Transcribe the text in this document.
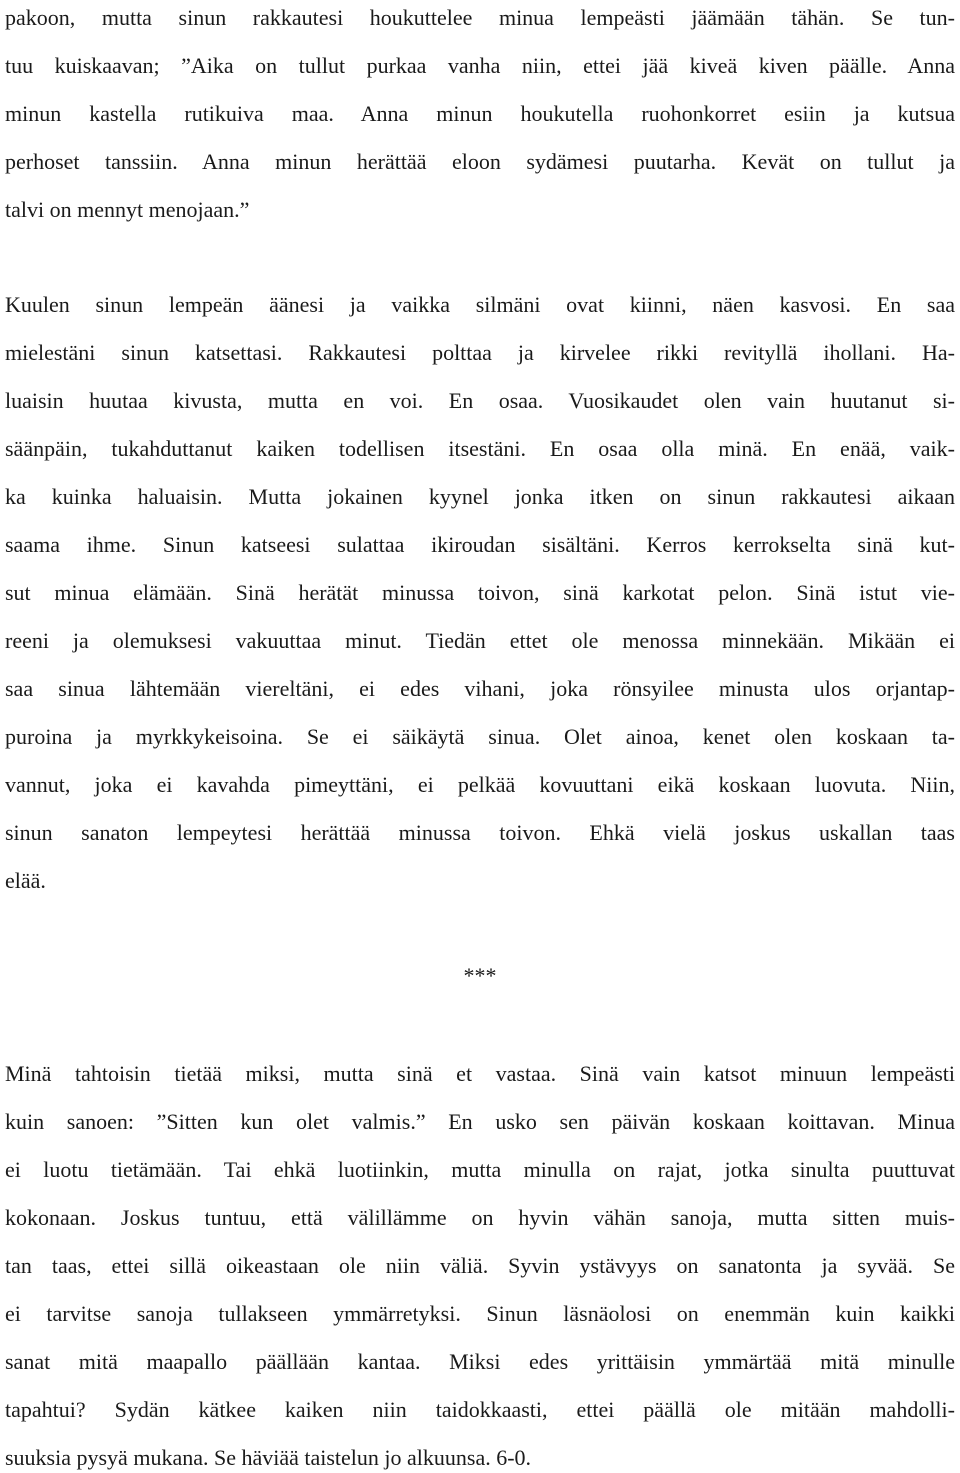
pakoon, mutta sinun rakkautesi houkuttelee minua lempeästi jäämään tähän. Se tun-
tuu kuiskaavan; ”Aika on tullut purkaa vanha niin, ettei jää kiveä kiven päälle. Anna
minun kastella rutikuiva maa. Anna minun houkutella ruohonkorret esiin ja kutsua
perhoset tanssiin. Anna minun herättää eloon sydämesi puutarha. Kevät on tullut ja
talvi on mennyt menojaan.”
Kuulen sinun lempeän äänesi ja vaikka silmäni ovat kiinni, näen kasvosi. En saa
mielestäni sinun katsettasi. Rakkautesi polttaa ja kirvelee rikki revityllä ihollani. Ha-
luaisin huutaa kivusta, mutta en voi. En osaa. Vuosikaudet olen vain huutanut si-
säänpäin, tukahduttanut kaiken todellisen itsestäni. En osaa olla minä. En enää, vaik-
ka kuinka haluaisin. Mutta jokainen kyynel jonka itken on sinun rakkautesi aikaan
saama ihme. Sinun katseesi sulattaa ikiroudan sisältäni. Kerros kerrokselta sinä kut-
sut minua elämään. Sinä herätät minussa toivon, sinä karkotat pelon. Sinä istut vie-
reeni ja olemuksesi vakuuttaa minut. Tiedän ettet ole menossa minnekään. Mikään ei
saa sinua lähtemään viereltäni, ei edes vihani, joka rönsyilee minusta ulos orjantap-
puroina ja myrkkykeisoina. Se ei säikäytä sinua. Olet ainoa, kenet olen koskaan ta-
vannut, joka ei kavahda pimeyttäni, ei pelkää kovuuttani eikä koskaan luovuta. Niin,
sinun sanaton lempeytesi herättää minussa toivon. Ehkä vielä joskus uskallan taas
elää.
***
Minä tahtoisin tietää miksi, mutta sinä et vastaa. Sinä vain katsot minuun lempeästi
kuin sanoen: ”Sitten kun olet valmis.” En usko sen päivän koskaan koittavan. Minua
ei luotu tietämään. Tai ehkä luotiinkin, mutta minulla on rajat, jotka sinulta puuttuvat
kokonaan. Joskus tuntuu, että välillämme on hyvin vähän sanoja, mutta sitten muis-
tan taas, ettei sillä oikeastaan ole niin väliä. Syvin ystävyys on sanatonta ja syvää. Se
ei tarvitse sanoja tullakseen ymmärretyksi. Sinun läsnäolosi on enemmän kuin kaikki
sanat mitä maapallo päällään kantaa. Miksi edes yrittäisin ymmärtää mitä minulle
tapahtui? Sydän kätkee kaiken niin taidokkaasti, ettei päällä ole mitään mahdolli-
suuksia pysyä mukana. Se häviää taistelun jo alkuunsa. 6-0.
